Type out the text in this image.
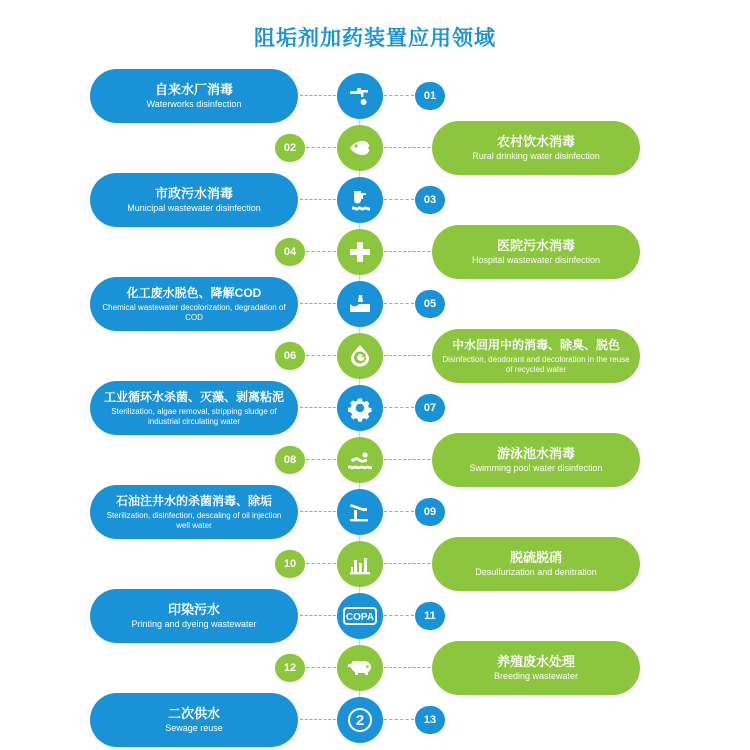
阻垢剂加药装置应用领域
自来水厂消毒
Waterworks disinfection
01
02	农村饮水消毒
Rural drinking water disinfection
市政污水消毒
Municipal wastewater disinfection
03
04	医院污水消毒
Hospital wastewater disinfection
化工废水脱色、降解COD
Chemical wastewater decolorization, degradation of COD
05
06
中水回用中的消毒、除臭、脱色
Disinfection, deodorant and decoloration in the reuse of recycled water
工业循环水杀菌、灭藻、剥离粘泥
Sterilization, algae removal, stripping sludge of industrial circulating water
07
08	游泳池水消毒
Swimming pool water disinfection
石油注井水的杀菌消毒、除垢
Sterilization, disinfection, descaling of oil injection well water
09
10	脱硫脱硝
Desulfurization and denitration
印染污水
Printing and dyeing wastewater
COPA	11
12	养殖废水处理
Breeding wastewater
二次供水
Sewage reuse	2	13
